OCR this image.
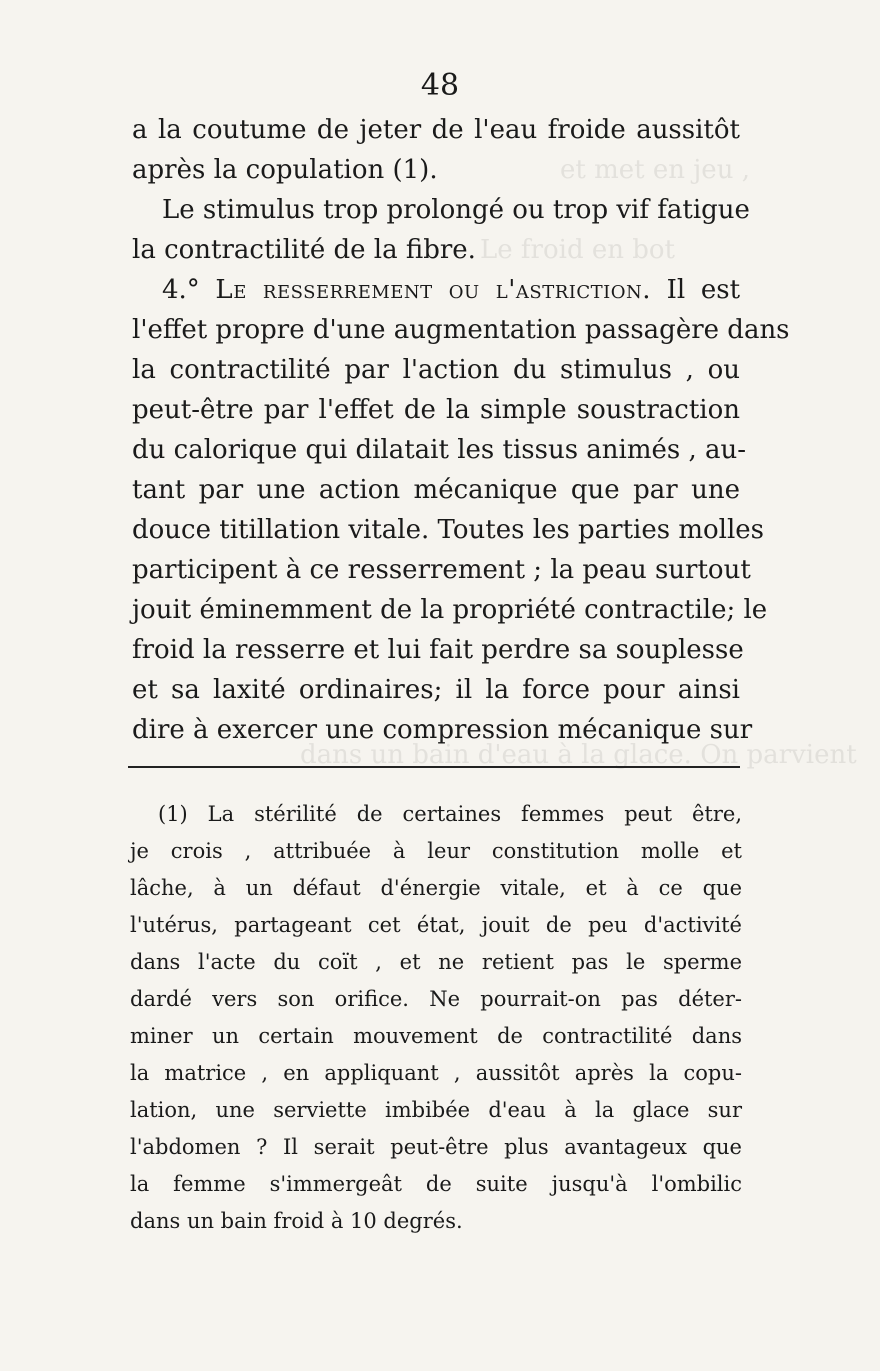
et met en jeu ,
Le froid en bot
dans un bain d'eau à la glace. On parvient
48
a la coutume de jeter de l'eau froide aussitôt
après la copulation (1).
Le stimulus trop prolongé ou trop vif fatigue
la contractilité de la fibre.
4.° Le resserrement ou l'astriction. Il est
l'effet propre d'une augmentation passagère dans
la contractilité par l'action du stimulus , ou
peut-être par l'effet de la simple soustraction
du calorique qui dilatait les tissus animés , au-
tant par une action mécanique que par une
douce titillation vitale. Toutes les parties molles
participent à ce resserrement ; la peau surtout
jouit éminemment de la propriété contractile; le
froid la resserre et lui fait perdre sa souplesse
et sa laxité ordinaires; il la force pour ainsi
dire à exercer une compression mécanique sur
(1) La stérilité de certaines femmes peut être,
je crois , attribuée à leur constitution molle et
lâche, à un défaut d'énergie vitale, et à ce que
l'utérus, partageant cet état, jouit de peu d'activité
dans l'acte du coït , et ne retient pas le sperme
dardé vers son orifice. Ne pourrait-on pas déter-
miner un certain mouvement de contractilité dans
la matrice , en appliquant , aussitôt après la copu-
lation, une serviette imbibée d'eau à la glace sur
l'abdomen ? Il serait peut-être plus avantageux que
la femme s'immergeât de suite jusqu'à l'ombilic
dans un bain froid à 10 degrés.
